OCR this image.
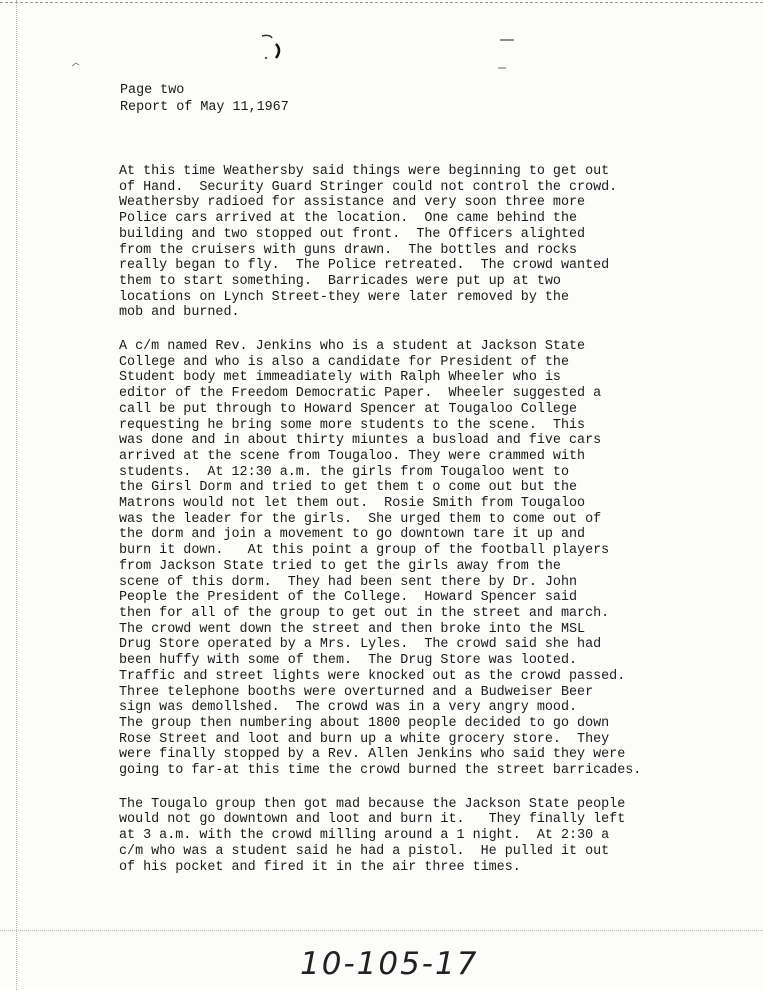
Page two
Report of May 11,1967
At this time Weathersby said things were beginning to get out
of Hand.  Security Guard Stringer could not control the crowd.
Weathersby radioed for assistance and very soon three more
Police cars arrived at the location.  One came behind the
building and two stopped out front.  The Officers alighted
from the cruisers with guns drawn.  The bottles and rocks
really began to fly.  The Police retreated.  The crowd wanted
them to start something.  Barricades were put up at two
locations on Lynch Street-they were later removed by the
mob and burned.
A c/m named Rev. Jenkins who is a student at Jackson State
College and who is also a candidate for President of the
Student body met immeadiately with Ralph Wheeler who is
editor of the Freedom Democratic Paper.  Wheeler suggested a
call be put through to Howard Spencer at Tougaloo College
requesting he bring some more students to the scene.  This
was done and in about thirty miuntes a busload and five cars
arrived at the scene from Tougaloo. They were crammed with
students.  At 12:30 a.m. the girls from Tougaloo went to
the Girsl Dorm and tried to get them t o come out but the
Matrons would not let them out.  Rosie Smith from Tougaloo
was the leader for the girls.  She urged them to come out of
the dorm and join a movement to go downtown tare it up and
burn it down.   At this point a group of the football players
from Jackson State tried to get the girls away from the
scene of this dorm.  They had been sent there by Dr. John
People the President of the College.  Howard Spencer said
then for all of the group to get out in the street and march.
The crowd went down the street and then broke into the MSL
Drug Store operated by a Mrs. Lyles.  The crowd said she had
been huffy with some of them.  The Drug Store was looted.
Traffic and street lights were knocked out as the crowd passed.
Three telephone booths were overturned and a Budweiser Beer
sign was demollshed.  The crowd was in a very angry mood.
The group then numbering about 1800 people decided to go down
Rose Street and loot and burn up a white grocery store.  They
were finally stopped by a Rev. Allen Jenkins who said they were
going to far-at this time the crowd burned the street barricades.
The Tougalo group then got mad because the Jackson State people
would not go downtown and loot and burn it.   They finally left
at 3 a.m. with the crowd milling around a 1 night.  At 2:30 a
c/m who was a student said he had a pistol.  He pulled it out
of his pocket and fired it in the air three times.
10-105-17
